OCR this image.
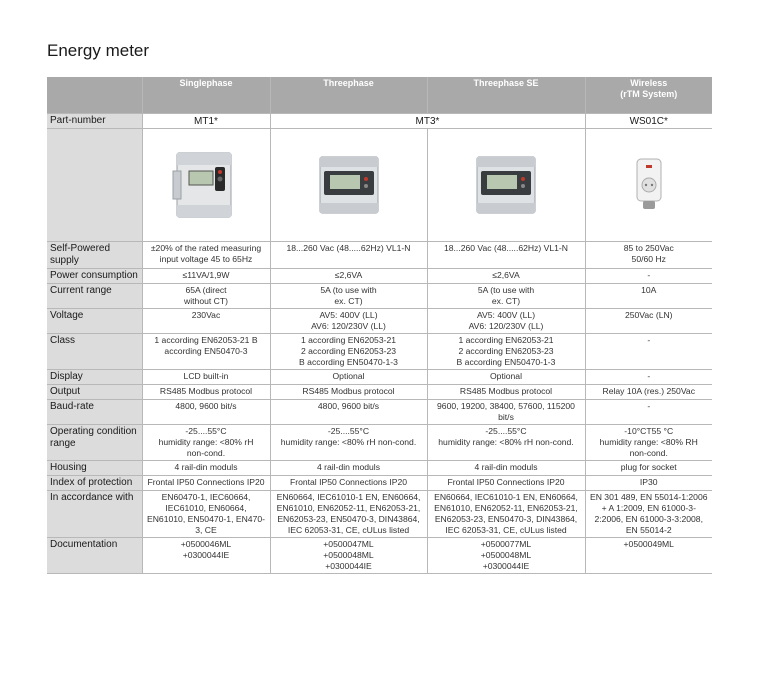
Energy meter
	Singlephase	Threephase	Threephase SE	Wireless
(rTM System)
Part-number	MT1*	MT3*		WS01C*

Self-Powered supply	±20% of the rated measuring input voltage 45 to 65Hz	18...260 Vac (48.....62Hz) VL1-N	18...260 Vac (48.....62Hz) VL1-N	85 to 250Vac
50/60 Hz
Power consumption	≤11VA/1,9W	≤2,6VA	≤2,6VA	-
Current range	65A (direct
without CT)	5A (to use with
ex. CT)	5A (to use with
ex. CT)	10A
Voltage	230Vac	AV5: 400V (LL)
AV6: 120/230V (LL)	AV5: 400V (LL)
AV6: 120/230V (LL)	250Vac (LN)
Class	1 according EN62053-21 B
according EN50470-3	1 according EN62053-21
2 according EN62053-23
B according EN50470-1-3	1 according EN62053-21
2 according EN62053-23
B according EN50470-1-3	-
Display	LCD built-in	Optional	Optional	-
Output	RS485 Modbus protocol	RS485 Modbus protocol	RS485 Modbus protocol	Relay 10A (res.) 250Vac
Baud-rate	4800, 9600 bit/s	4800, 9600 bit/s	9600, 19200, 38400, 57600, 115200 bit/s	-
Operating condition range	-25....55°C
humidity range: <80% rH
non-cond.	-25....55°C
humidity range: <80% rH non-cond.	-25....55°C
humidity range: <80% rH non-cond.	-10°CT55 °C
humidity range: <80% RH
non-cond.
Housing	4 rail-din moduls	4 rail-din moduls	4 rail-din moduls	plug for socket
Index of protection	Frontal IP50 Connections IP20	Frontal IP50 Connections IP20	Frontal IP50 Connections IP20	IP30
In accordance with	EN60470-1, IEC60664, IEC61010, EN60664, EN61010, EN50470-1, EN470-3, CE	EN60664, IEC61010-1 EN, EN60664, EN61010, EN62052-11, EN62053-21, EN62053-23, EN50470-3, DIN43864, IEC 62053-31, CE, cULus listed	EN60664, IEC61010-1 EN, EN60664, EN61010, EN62052-11, EN62053-21, EN62053-23, EN50470-3, DIN43864, IEC 62053-31, CE, cULus listed	EN 301 489, EN 55014-1:2006 + A 1:2009, EN 61000-3-2:2006, EN 61000-3-3:2008, EN 55014-2
Documentation	+0500046ML
+0300044IE	+0500047ML
+0500048ML
+0300044IE	+0500077ML
+0500048ML
+0300044IE	+0500049ML
